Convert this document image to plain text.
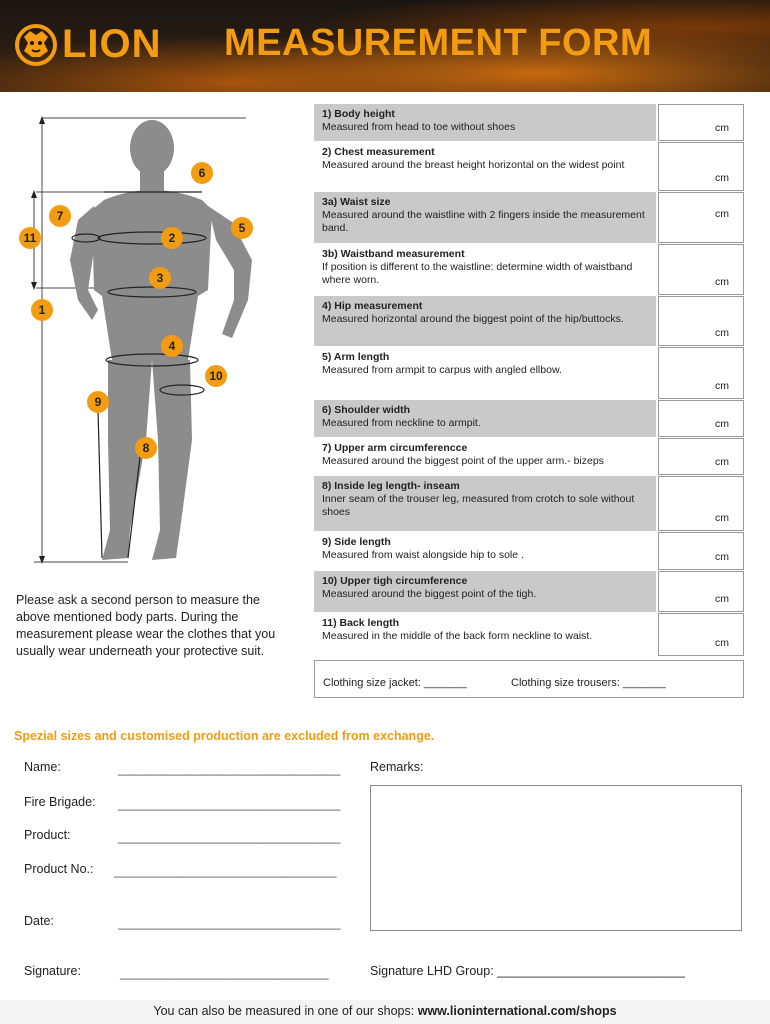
LION MEASUREMENT FORM
6
7
11	2
5
3
1
4
10
9
8
1) Body height
Measured from head to toe without shoes	cm
2) Chest measurement
Measured around the breast height horizontal on the widest point
cm
3a) Waist size
Measured around the waistline with 2 fingers inside the measurement band.
cm
3b) Waistband measurement
If position is different to the waistline: determine width of waistband where worn.	cm
4) Hip measurement
Measured horizontal around the biggest point of the hip/buttocks.
cm
5) Arm length
Measured from armpit to carpus with angled ellbow.
cm
6) Shoulder width
Measured from neckline to armpit.	cm
7) Upper arm circumferencce
Measured around the biggest point of the upper arm.- bizeps	cm
8) Inside leg length- inseam
Inner seam of the trouser leg, measured from crotch to sole without shoes	cm
9) Side length
Measured from waist alongside hip to sole .	cm
10) Upper tigh circumference
Measured around the biggest point of the tigh.	cm
11) Back length
Measured in the middle of the back form neckline to waist.
cm
Clothing size jacket: _______	Clothing size trousers: _______
Please ask a second person to measure the above mentioned body parts. During the measurement please wear the clothes that you usually wear underneath your protective suit.
Spezial sizes and customised production are excluded from exchange.
Name:	________________________________
Fire Brigade: ________________________________
Product:	________________________________
Product No.: ________________________________
Date:	________________________________
Signature:	______________________________
Remarks:
Signature LHD Group: ___________________________
You can also be measured in one of our shops: www.lioninternational.com/shops
